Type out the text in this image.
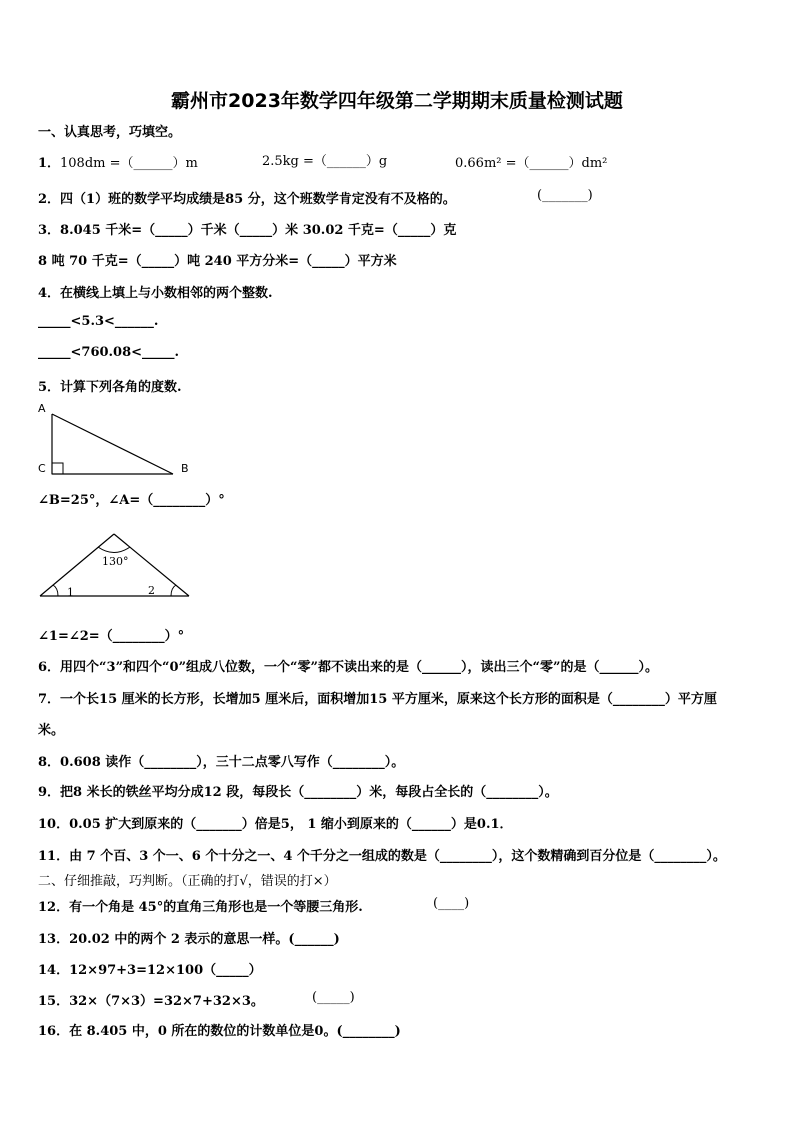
霸州市2023年数学四年级第二学期期末质量检测试题
一、认真思考，巧填空。
1． 108dm =（______）m	2.5kg =（______）g	0.66m² =（______）dm²
2．四（1）班的数学平均成绩是85 分，这个班数学肯定没有不及格的。	(_______)
3．8.045 千米=（_____）千米（_____）米 30.02 千克=（_____）克
8 吨 70 千克=（_____）吨 240 平方分米=（_____）平方米
4．在横线上填上与小数相邻的两个整数.
_____<5.3<______.
_____<760.08<_____.
5．计算下列各角的度数.
A
C	B
∠B=25°，∠A=（________）°
130°
1	2
∠1=∠2=（________）°
6．用四个“3”和四个“0”组成八位数，一个“零”都不读出来的是（______），读出三个“零”的是（______）。
7．一个长15 厘米的长方形，长增加5 厘米后，面积增加15 平方厘米，原来这个长方形的面积是（________）平方厘
米。
8．0.608 读作（________），三十二点零八写作（________）。
9．把8 米长的铁丝平均分成12 段，每段长（________）米，每段占全长的（________）。
10．0.05 扩大到原来的（_______）倍是5， 1 缩小到原来的（______）是0.1．
11．由 7 个百、3 个一、6 个十分之一、4 个千分之一组成的数是（________），这个数精确到百分位是（________）。
二、仔细推敲，巧判断。（正确的打√，错误的打×）
12．有一个角是 45°的直角三角形也是一个等腰三角形.	(____)
13．20.02 中的两个 2 表示的意思一样。(______)
14．12×97+3=12×100（_____）
15．32×（7×3）=32×7+32×3。	(_____)
16．在 8.405 中，0 所在的数位的计数单位是0。(________)
